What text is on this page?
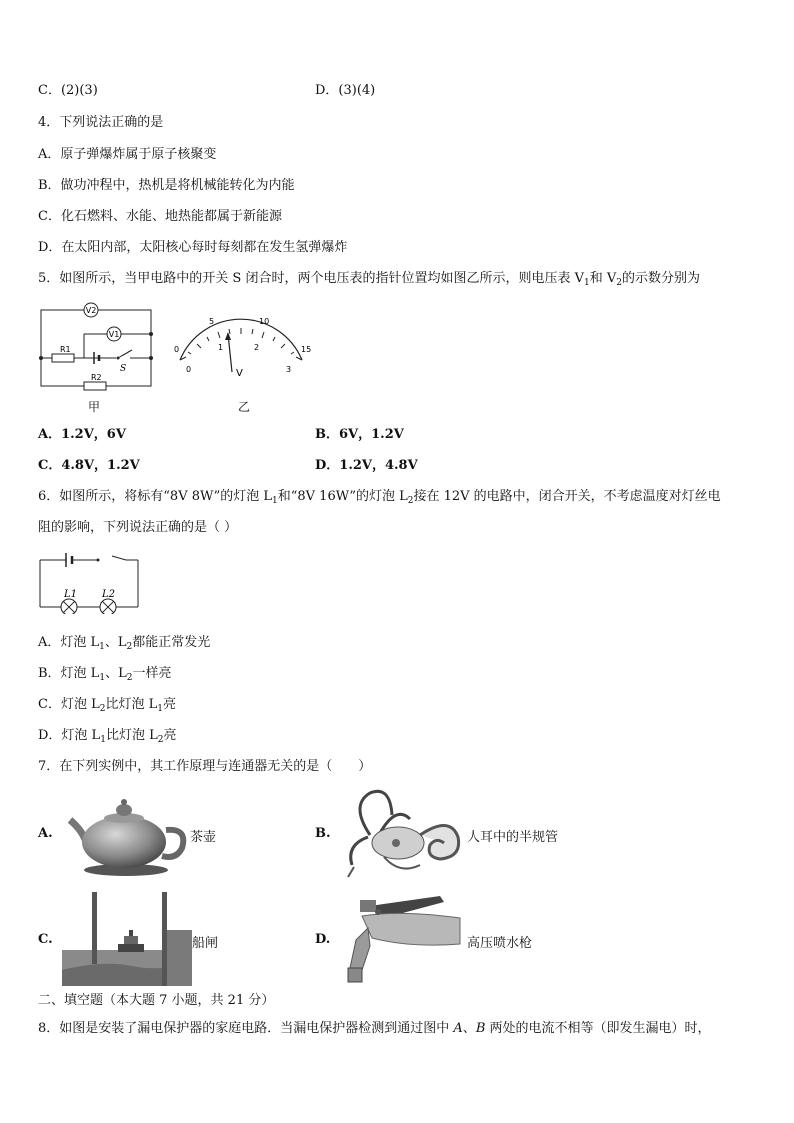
C．(2)(3)	D．(3)(4)
4．下列说法正确的是
A．原子弹爆炸属于原子核聚变
B．做功冲程中，热机是将机械能转化为内能
C．化石燃料、水能、地热能都属于新能源
D．在太阳内部，太阳核心每时每刻都在发生氢弹爆炸
5．如图所示，当甲电路中的开关 S 闭合时，两个电压表的指针位置均如图乙所示，则电压表 $V_1$和 $V_2$的示数分别为
V2
V1
R1
R2
S
甲
0
5	10
15
0
1	2
3
V
乙
A．1.2V，6V	B．6V，1.2V
C．4.8V，1.2V	D．1.2V，4.8V
6．如图所示，将标有“8V 8W”的灯泡 $L_1$和“8V 16W”的灯泡 $L_2$接在 12V 的电路中，闭合开关，不考虑温度对灯丝电
阻的影响，下列说法正确的是（ ）
L1 L2
A．灯泡 $L_1$、$L_2$都能正常发光
B．灯泡 $L_1$、$L_2$一样亮
C．灯泡 $L_2$比灯泡 $L_1$亮
D．灯泡 $L_1$比灯泡 $L_2$亮
7．在下列实例中，其工作原理与连通器无关的是（　　）
A.	茶壶	B.	人耳中的半规管
C.	船闸	D.	高压喷水枪
二、填空题（本大题 7 小题，共 21 分）
8．如图是安装了漏电保护器的家庭电路．当漏电保护器检测到通过图中 A、B 两处的电流不相等（即发生漏电）时，
